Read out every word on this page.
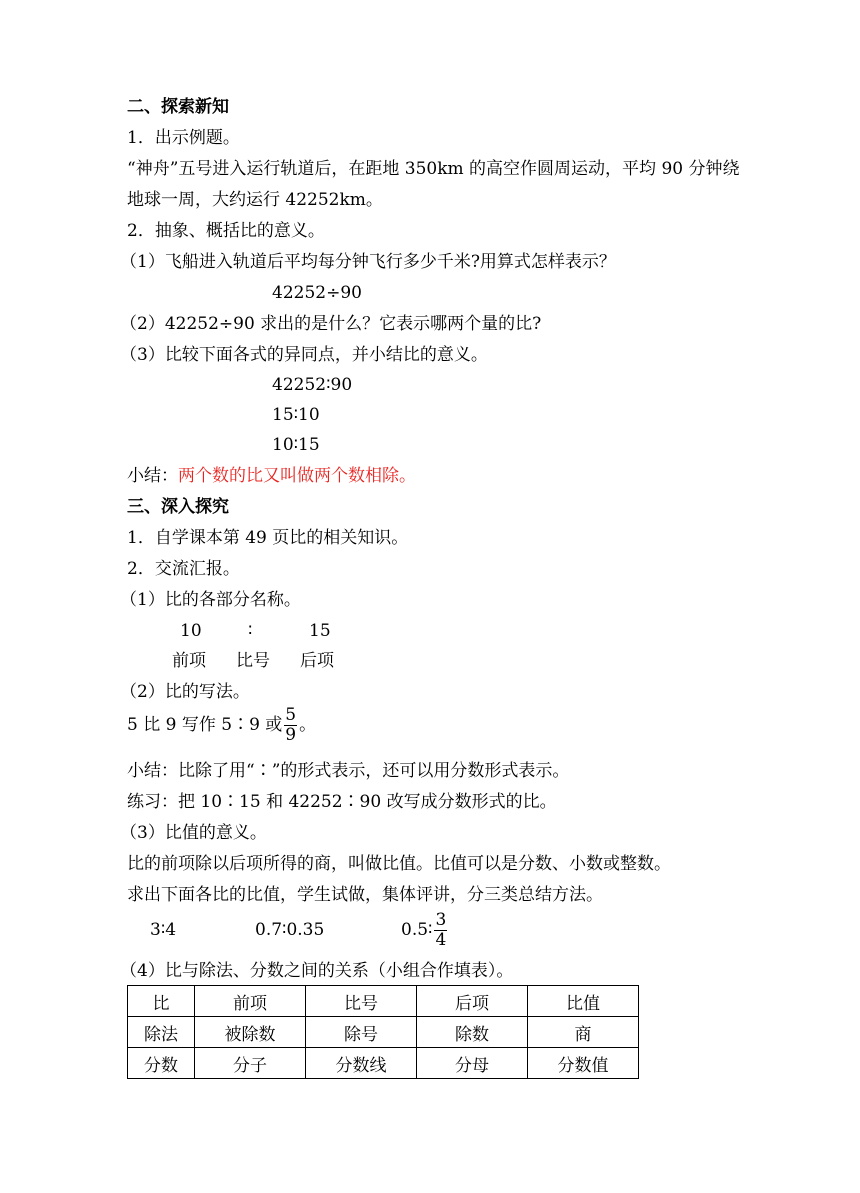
二、探索新知
1．出示例题。
“神舟”五号进入运行轨道后，在距地 350km 的高空作圆周运动，平均 90 分钟绕
地球一周，大约运行 42252km。
2．抽象、概括比的意义。
（1）飞船进入轨道后平均每分钟飞行多少千米?用算式怎样表示？
42252÷90
（2）42252÷90 求出的是什么？它表示哪两个量的比?
（3）比较下面各式的异同点，并小结比的意义。
42252∶90
15∶10
10∶15
小结：两个数的比又叫做两个数相除。
三、深入探究
1．自学课本第 49 页比的相关知识。
2．交流汇报。
（1）比的各部分名称。
10	∶	15
前项 比号 后项
（2）比的写法。
5 比 9 写作 5∶9 或 $\frac{5}{9}$ 。
小结：比除了用“∶”的形式表示，还可以用分数形式表示。
练习：把 10∶15 和 42252∶90 改写成分数形式的比。
（3）比值的意义。
比的前项除以后项所得的商，叫做比值。比值可以是分数、小数或整数。
求出下面各比的比值，学生试做，集体评讲，分三类总结方法。
3∶4	0.7∶0.35	0.5∶ $\frac{3}{4}$
（4）比与除法、分数之间的关系（小组合作填表）。
比	前项	比号	后项	比值
除法	被除数	除号	除数	商
分数	分子	分数线	分母	分数值
